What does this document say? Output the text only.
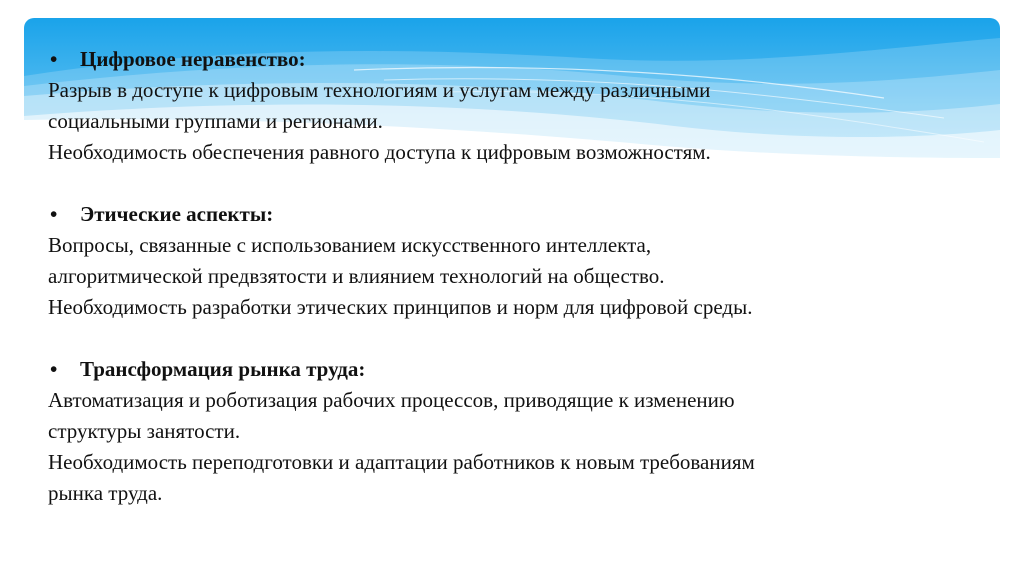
•	Цифровое неравенство:
Разрыв в доступе к цифровым технологиям и услугам между различными
социальными группами и регионами.
Необходимость обеспечения равного доступа к цифровым возможностям.
•	Этические аспекты:
Вопросы, связанные с использованием искусственного интеллекта,
алгоритмической предвзятости и влиянием технологий на общество.
Необходимость разработки этических принципов и норм для цифровой среды.
•	Трансформация рынка труда:
Автоматизация и роботизация рабочих процессов, приводящие к изменению
структуры занятости.
Необходимость переподготовки и адаптации работников к новым требованиям
рынка труда.
